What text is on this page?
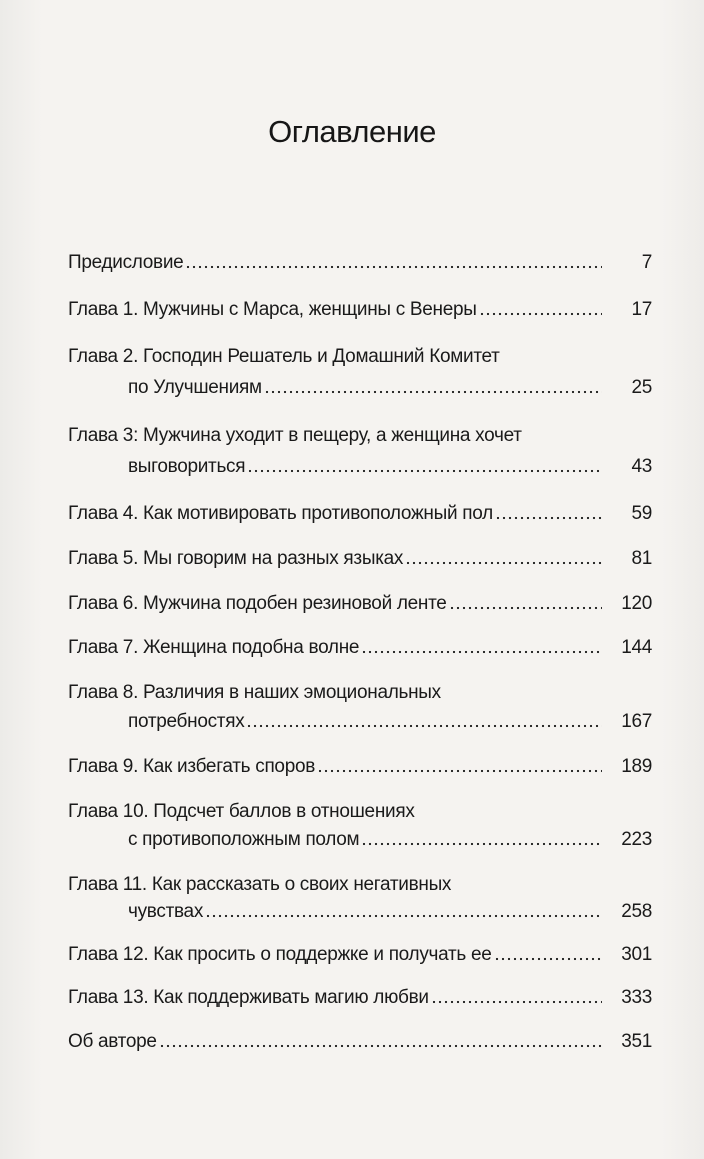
Оглавление
Предисловие	7
Глава 1. Мужчины с Марса, женщины с Венеры	17
Глава 2. Господин Решатель и Домашний Комитет
по Улучшениям	25
Глава 3: Мужчина уходит в пещеру, а женщина хочет
выговориться	43
Глава 4. Как мотивировать противоположный пол	59
Глава 5. Мы говорим на разных языках	81
Глава 6. Мужчина подобен резиновой ленте	120
Глава 7. Женщина подобна волне	144
Глава 8. Различия в наших эмоциональных
потребностях	167
Глава 9. Как избегать споров	189
Глава 10. Подсчет баллов в отношениях
с противоположным полом	223
Глава 11. Как рассказать о своих негативных
чувствах	258
Глава 12. Как просить о поддержке и получать ее	301
Глава 13. Как поддерживать магию любви	333
Об авторе	351
